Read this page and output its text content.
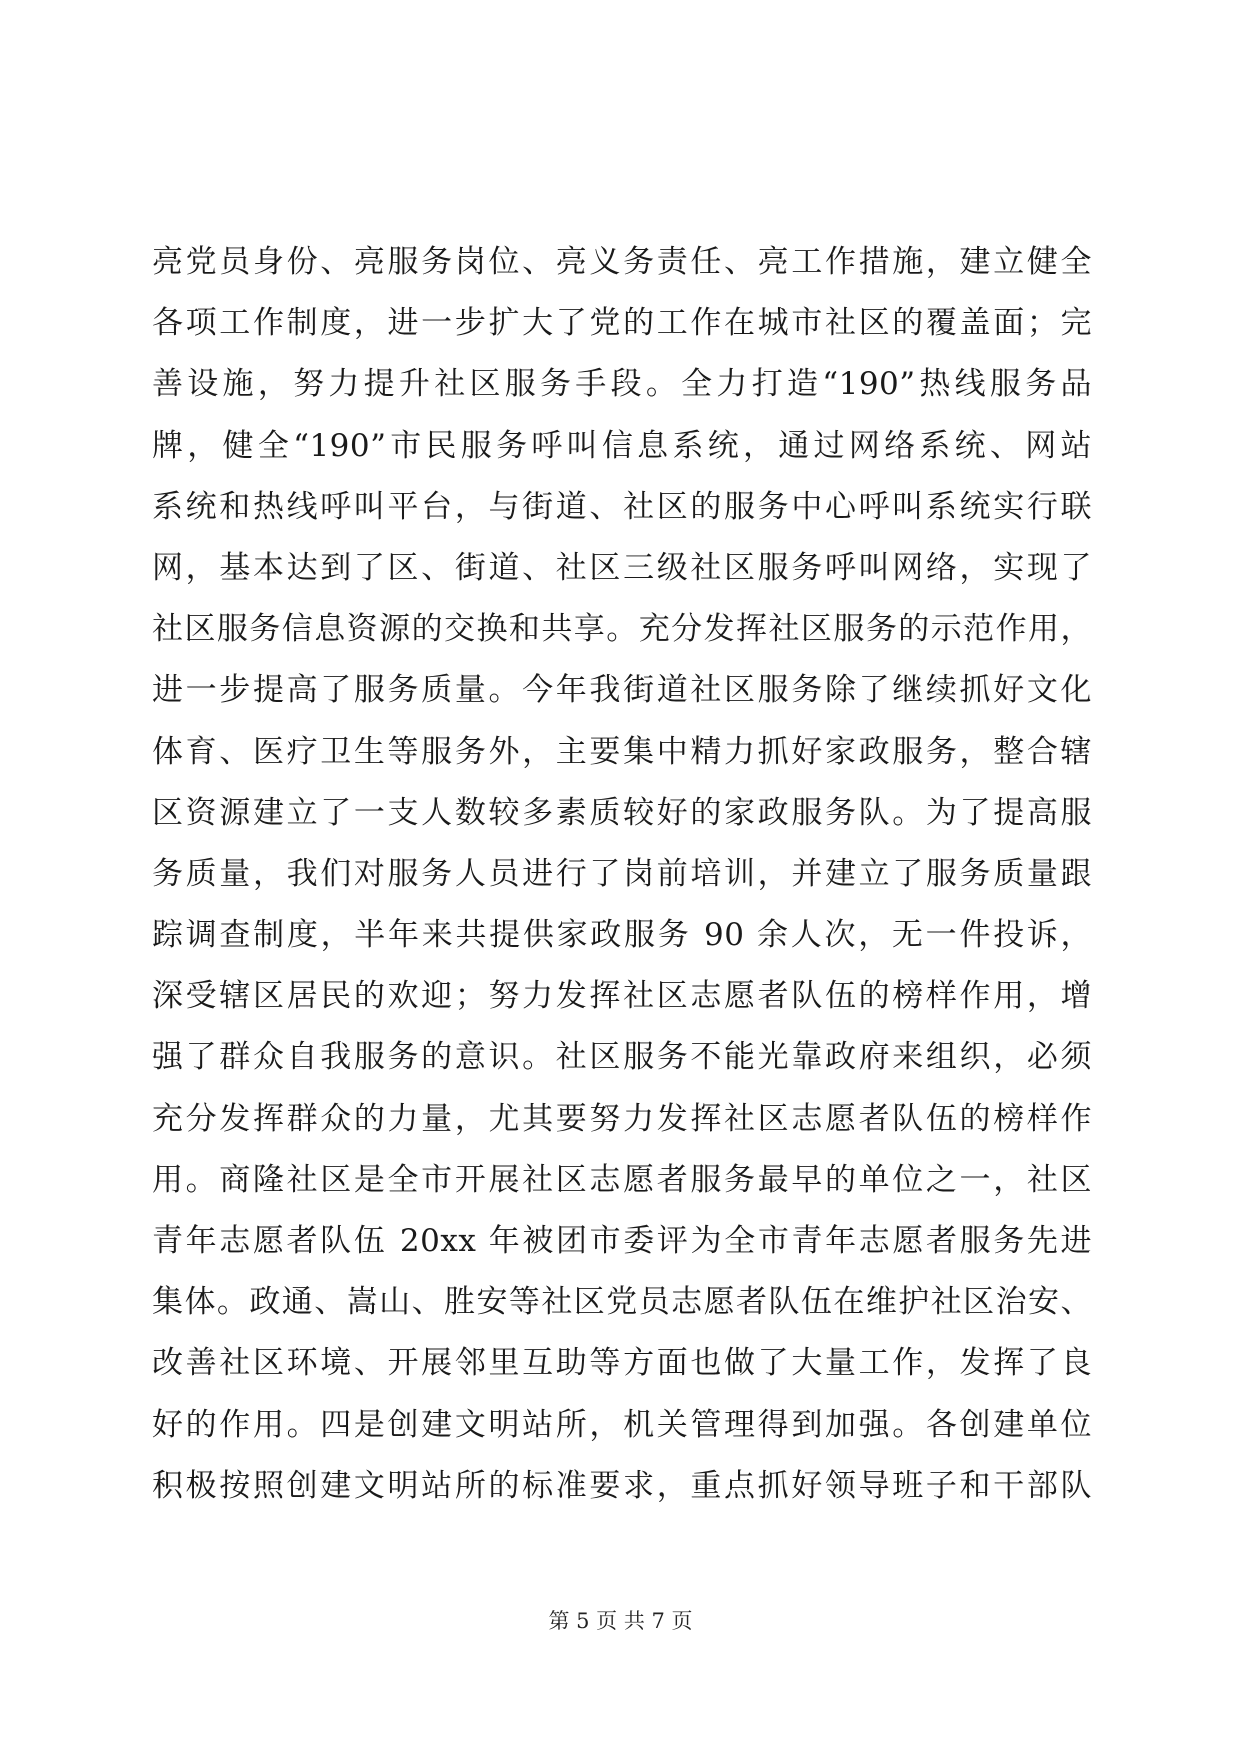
亮党员身份、亮服务岗位、亮义务责任、亮工作措施，建立健全
各项工作制度，进一步扩大了党的工作在城市社区的覆盖面；完
善设施，努力提升社区服务手段。全力打造“190”热线服务品
牌，健全“190”市民服务呼叫信息系统，通过网络系统、网站
系统和热线呼叫平台，与街道、社区的服务中心呼叫系统实行联
网，基本达到了区、街道、社区三级社区服务呼叫网络，实现了
社区服务信息资源的交换和共享。充分发挥社区服务的示范作用，
进一步提高了服务质量。今年我街道社区服务除了继续抓好文化
体育、医疗卫生等服务外，主要集中精力抓好家政服务，整合辖
区资源建立了一支人数较多素质较好的家政服务队。为了提高服
务质量，我们对服务人员进行了岗前培训，并建立了服务质量跟
踪调查制度，半年来共提供家政服务 90 余人次，无一件投诉，
深受辖区居民的欢迎；努力发挥社区志愿者队伍的榜样作用，增
强了群众自我服务的意识。社区服务不能光靠政府来组织，必须
充分发挥群众的力量，尤其要努力发挥社区志愿者队伍的榜样作
用。商隆社区是全市开展社区志愿者服务最早的单位之一，社区
青年志愿者队伍 20xx 年被团市委评为全市青年志愿者服务先进
集体。政通、嵩山、胜安等社区党员志愿者队伍在维护社区治安、
改善社区环境、开展邻里互助等方面也做了大量工作，发挥了良
好的作用。四是创建文明站所，机关管理得到加强。各创建单位
积极按照创建文明站所的标准要求，重点抓好领导班子和干部队
第 5 页 共 7 页
